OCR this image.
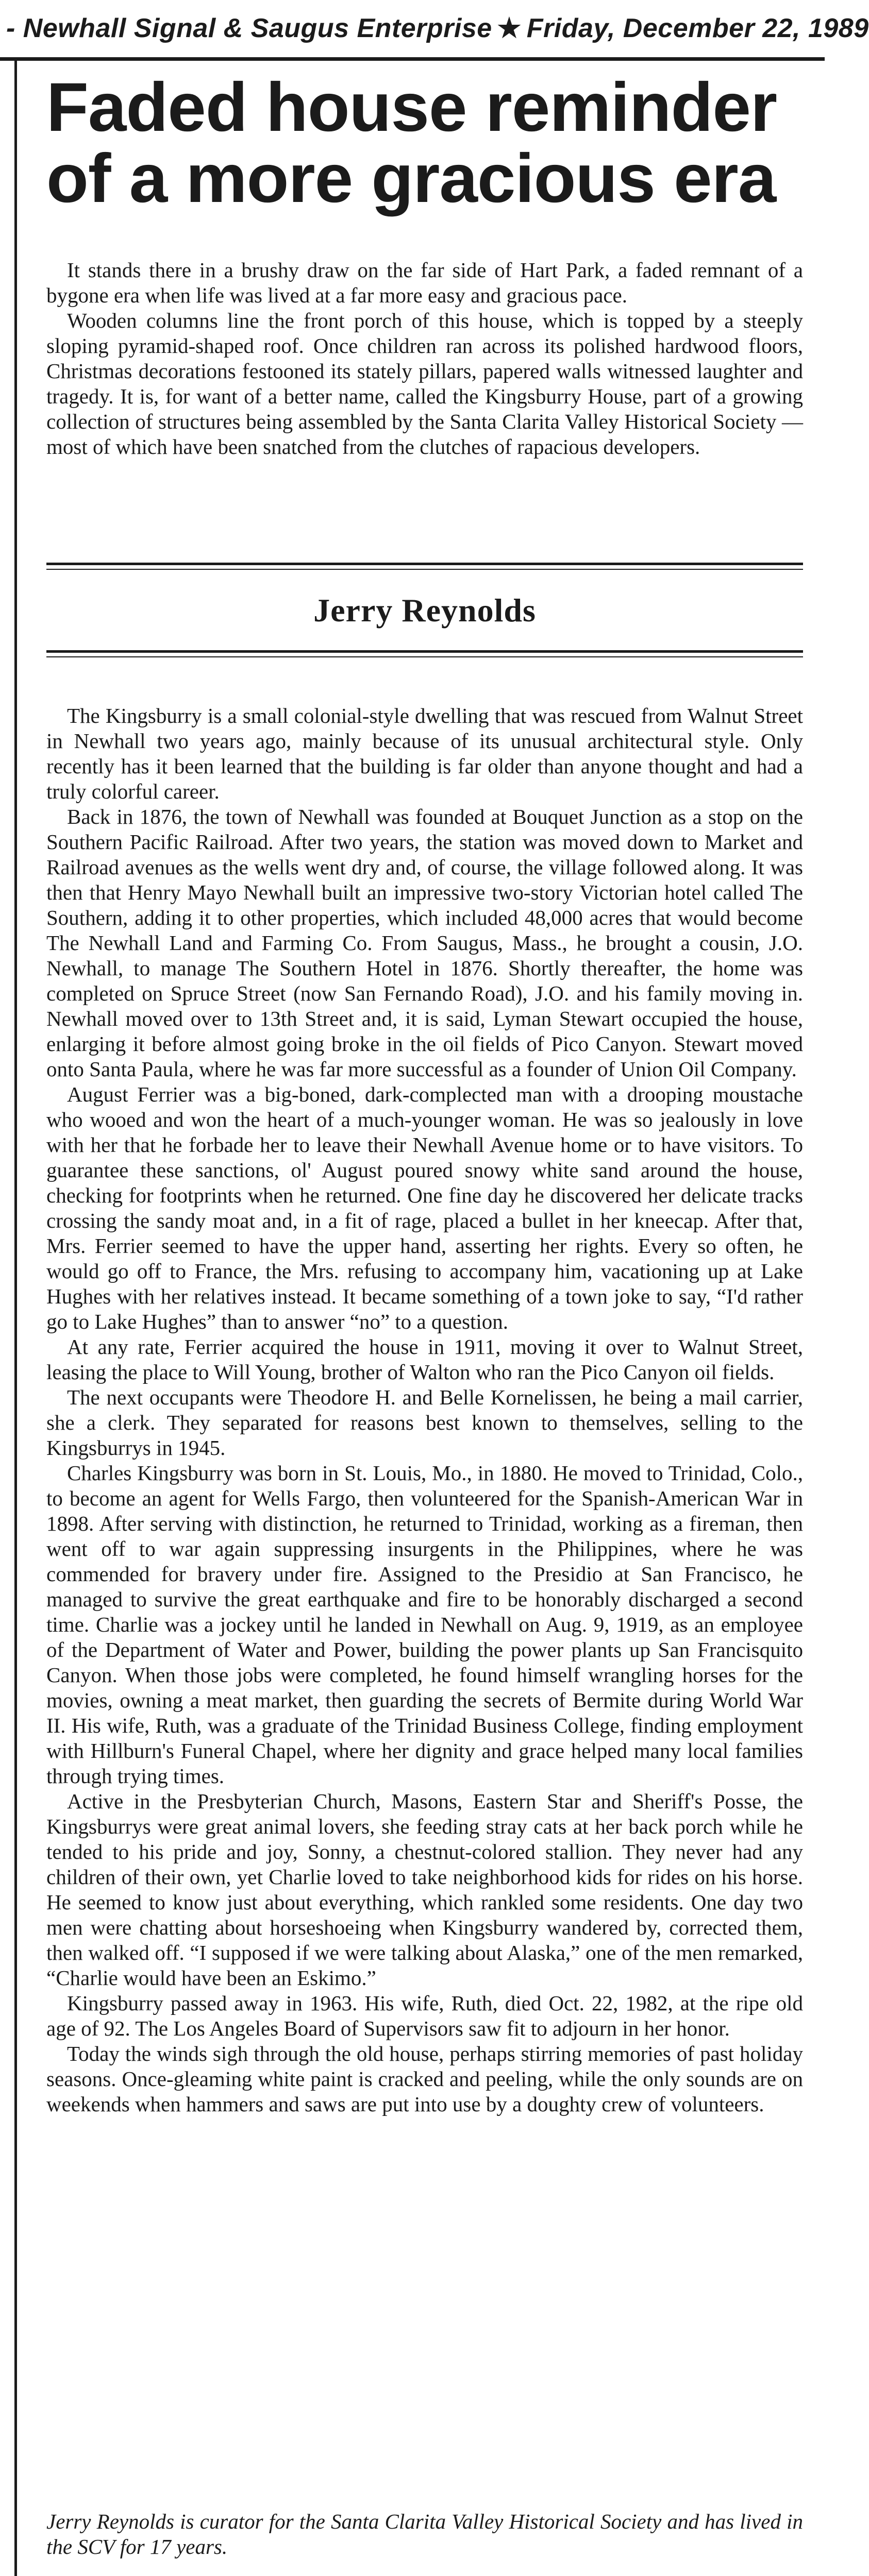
- Newhall Signal & Saugus Enterprise ★ Friday, December 22, 1989
Faded house reminder of a more gracious era

It stands there in a brushy draw on the far side of Hart Park, a faded remnant of a bygone era when life was lived at a far more easy and gracious pace.

Wooden columns line the front porch of this house, which is topped by a steeply sloping pyramid-shaped roof. Once children ran across its polished hardwood floors, Christmas decorations festooned its stately pillars, papered walls witnessed laughter and tragedy. It is, for want of a better name, called the Kingsburry House, part of a growing collection of structures being assembled by the Santa Clarita Valley Historical Society — most of which have been snatched from the clutches of rapacious developers.

Jerry Reynolds

The Kingsburry is a small colonial-style dwelling that was rescued from Walnut Street in Newhall two years ago, mainly because of its unusual architectural style. Only recently has it been learned that the building is far older than anyone thought and had a truly colorful career.

Back in 1876, the town of Newhall was founded at Bouquet Junction as a stop on the Southern Pacific Railroad. After two years, the station was moved down to Market and Railroad avenues as the wells went dry and, of course, the village followed along. It was then that Henry Mayo Newhall built an impressive two-story Victorian hotel called The Southern, adding it to other properties, which included 48,000 acres that would become The Newhall Land and Farming Co. From Saugus, Mass., he brought a cousin, J.O. Newhall, to manage The Southern Hotel in 1876. Shortly thereafter, the home was completed on Spruce Street (now San Fernando Road), J.O. and his family moving in. Newhall moved over to 13th Street and, it is said, Lyman Stewart occupied the house, enlarging it before almost going broke in the oil fields of Pico Canyon. Stewart moved onto Santa Paula, where he was far more successful as a founder of Union Oil Company.

August Ferrier was a big-boned, dark-complected man with a drooping moustache who wooed and won the heart of a much-younger woman. He was so jealously in love with her that he forbade her to leave their Newhall Avenue home or to have visitors. To guarantee these sanctions, ol' August poured snowy white sand around the house, checking for footprints when he returned. One fine day he discovered her delicate tracks crossing the sandy moat and, in a fit of rage, placed a bullet in her kneecap. After that, Mrs. Ferrier seemed to have the upper hand, asserting her rights. Every so often, he would go off to France, the Mrs. refusing to accompany him, vacationing up at Lake Hughes with her relatives instead. It became something of a town joke to say, “I'd rather go to Lake Hughes” than to answer “no” to a question.

At any rate, Ferrier acquired the house in 1911, moving it over to Walnut Street, leasing the place to Will Young, brother of Walton who ran the Pico Canyon oil fields.

The next occupants were Theodore H. and Belle Kornelissen, he being a mail carrier, she a clerk. They separated for reasons best known to themselves, selling to the Kingsburrys in 1945.

Charles Kingsburry was born in St. Louis, Mo., in 1880. He moved to Trinidad, Colo., to become an agent for Wells Fargo, then volunteered for the Spanish-American War in 1898. After serving with distinction, he returned to Trinidad, working as a fireman, then went off to war again suppressing insurgents in the Philippines, where he was commended for bravery under fire. Assigned to the Presidio at San Francisco, he managed to survive the great earthquake and fire to be honorably discharged a second time. Charlie was a jockey until he landed in Newhall on Aug. 9, 1919, as an employee of the Department of Water and Power, building the power plants up San Francisquito Canyon. When those jobs were completed, he found himself wrangling horses for the movies, owning a meat market, then guarding the secrets of Bermite during World War II. His wife, Ruth, was a graduate of the Trinidad Business College, finding employment with Hillburn's Funeral Chapel, where her dignity and grace helped many local families through trying times.

Active in the Presbyterian Church, Masons, Eastern Star and Sheriff's Posse, the Kingsburrys were great animal lovers, she feeding stray cats at her back porch while he tended to his pride and joy, Sonny, a chestnut-colored stallion. They never had any children of their own, yet Charlie loved to take neighborhood kids for rides on his horse. He seemed to know just about everything, which rankled some residents. One day two men were chatting about horseshoeing when Kingsburry wandered by, corrected them, then walked off. “I supposed if we were talking about Alaska,” one of the men remarked, “Charlie would have been an Eskimo.”

Kingsburry passed away in 1963. His wife, Ruth, died Oct. 22, 1982, at the ripe old age of 92. The Los Angeles Board of Supervisors saw fit to adjourn in her honor.

Today the winds sigh through the old house, perhaps stirring memories of past holiday seasons. Once-gleaming white paint is cracked and peeling, while the only sounds are on weekends when hammers and saws are put into use by a doughty crew of volunteers.

Jerry Reynolds is curator for the Santa Clarita Valley Historical Society and has lived in the SCV for 17 years.
